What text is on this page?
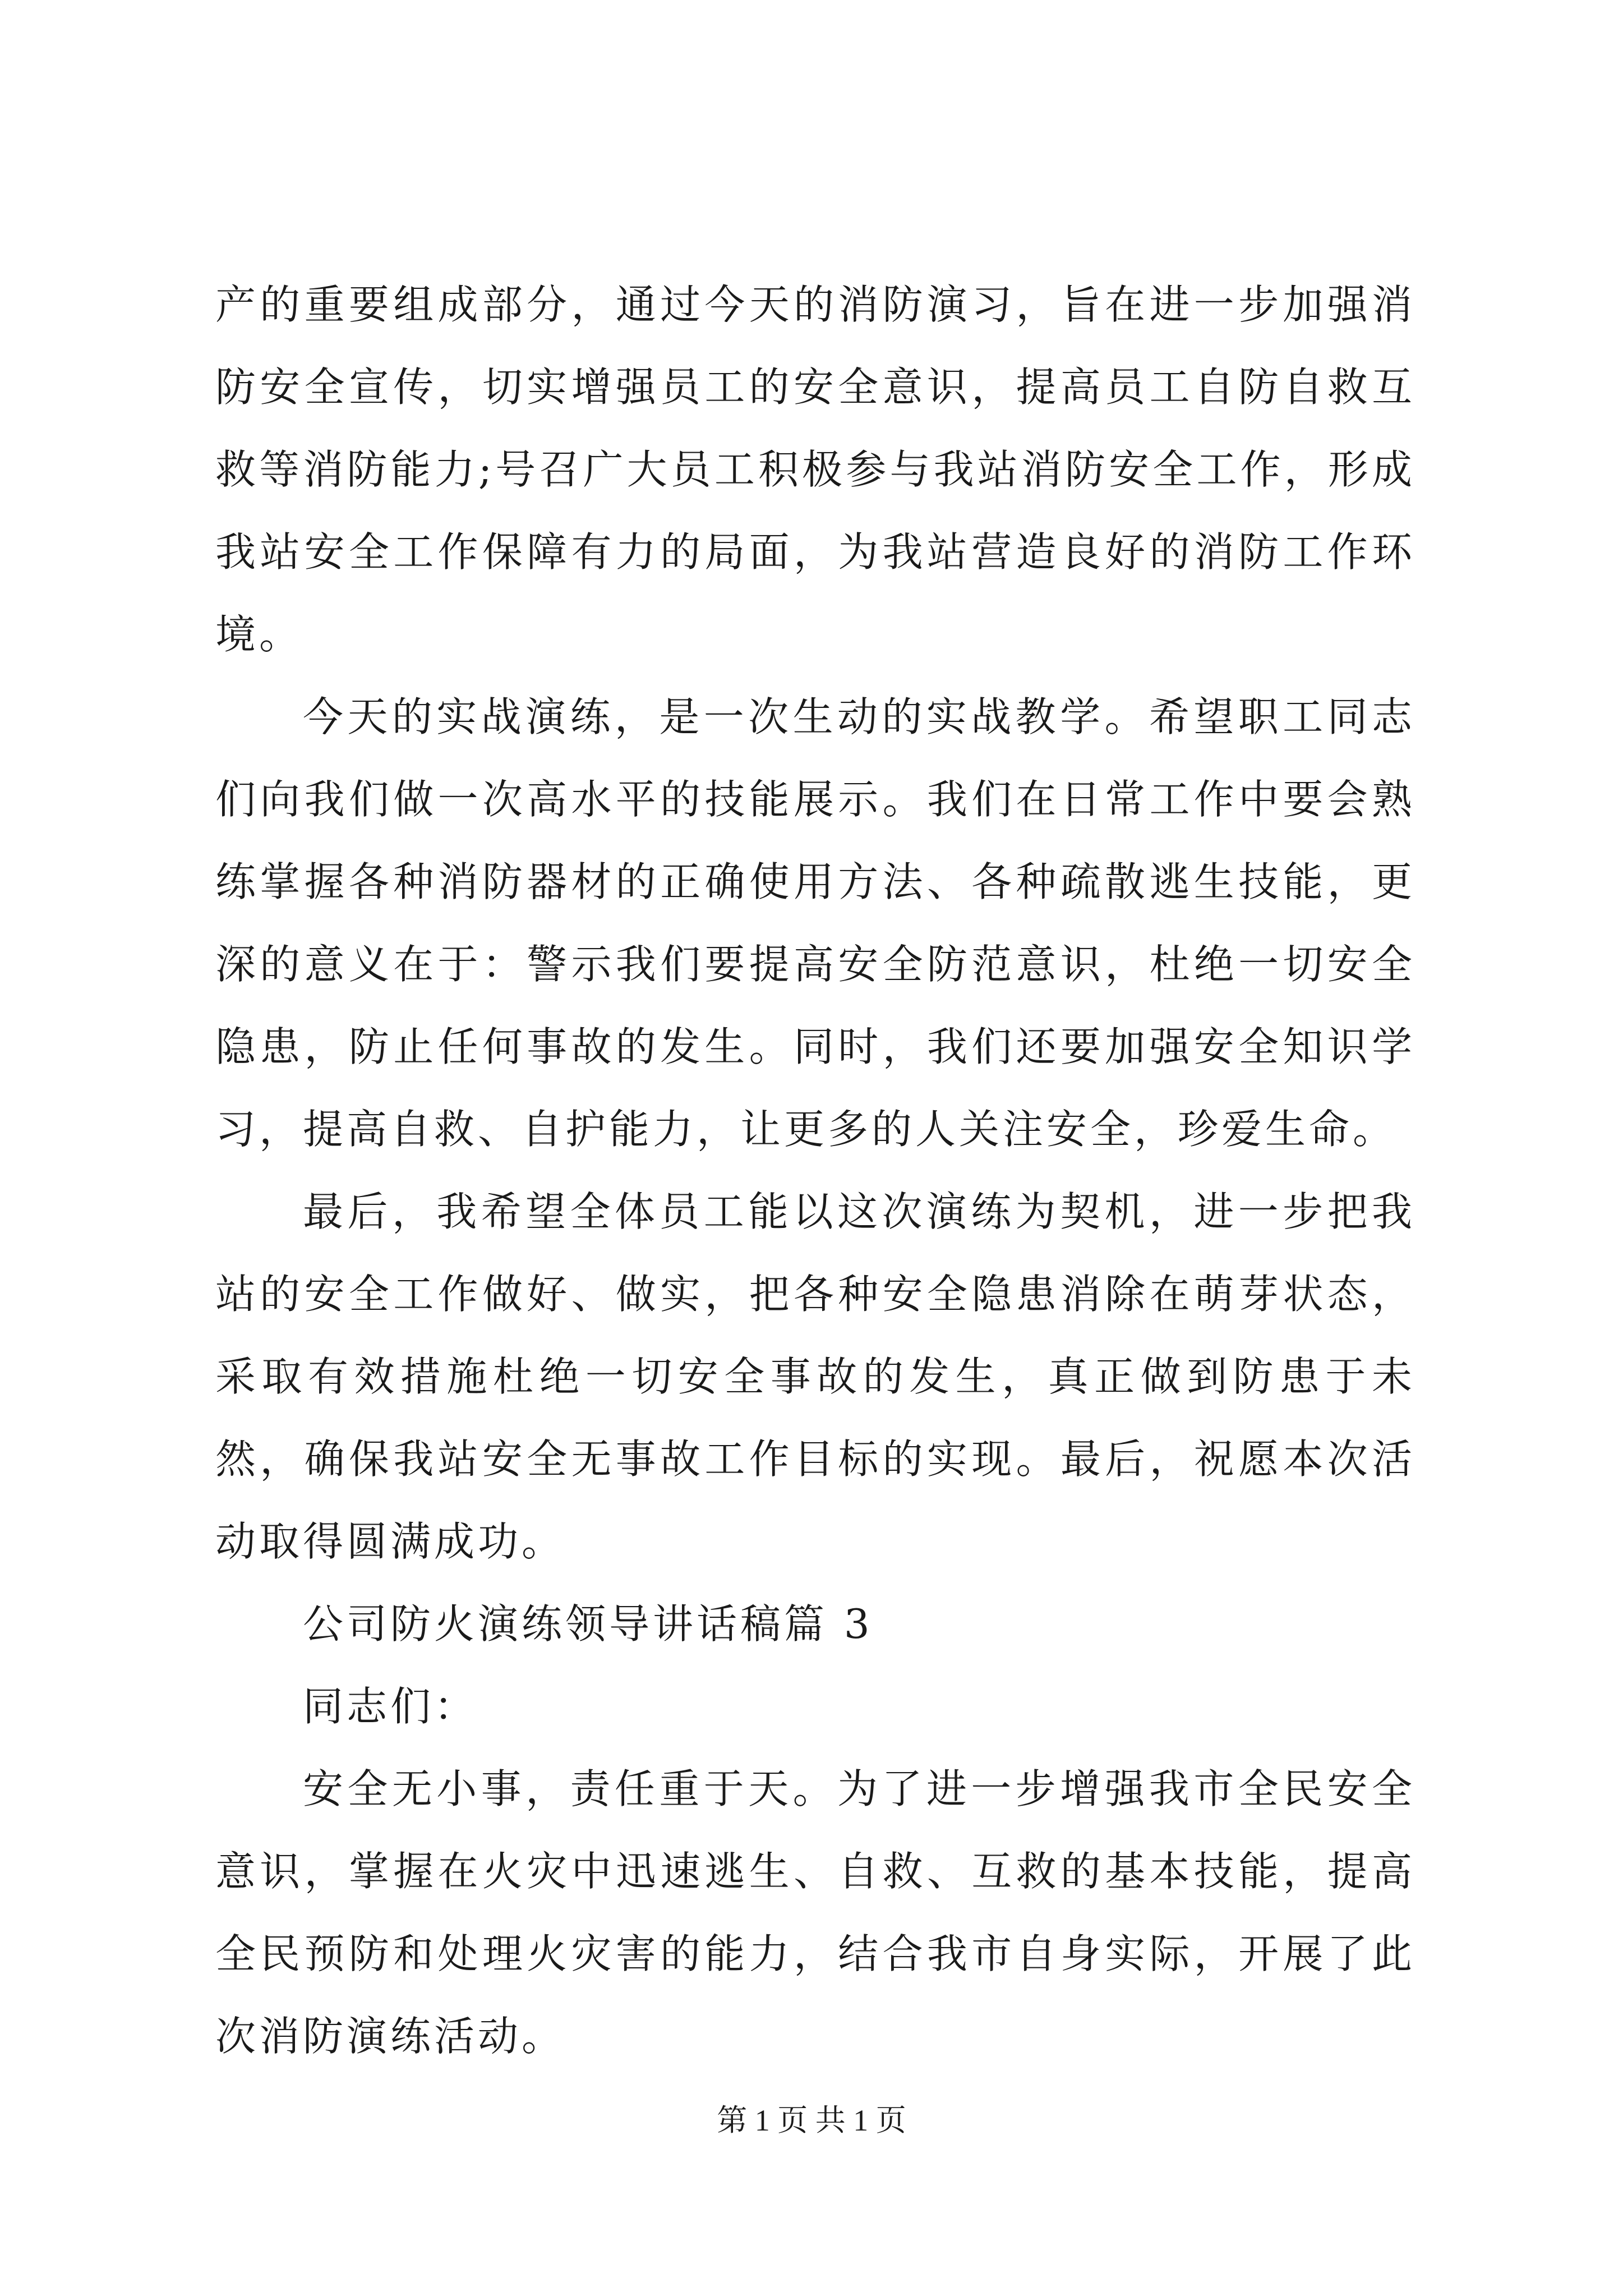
产的重要组成部分，通过今天的消防演习，旨在进一步加强消防安全宣传，切实增强员工的安全意识，提高员工自防自救互救等消防能力;号召广大员工积极参与我站消防安全工作，形成我站安全工作保障有力的局面，为我站营造良好的消防工作环境。

今天的实战演练，是一次生动的实战教学。希望职工同志们向我们做一次高水平的技能展示。我们在日常工作中要会熟练掌握各种消防器材的正确使用方法、各种疏散逃生技能，更深的意义在于：警示我们要提高安全防范意识，杜绝一切安全隐患，防止任何事故的发生。同时，我们还要加强安全知识学习，提高自救、自护能力，让更多的人关注安全，珍爱生命。

最后，我希望全体员工能以这次演练为契机，进一步把我站的安全工作做好、做实，把各种安全隐患消除在萌芽状态，采取有效措施杜绝一切安全事故的发生，真正做到防患于未然，确保我站安全无事故工作目标的实现。最后，祝愿本次活动取得圆满成功。

公司防火演练领导讲话稿篇 3

同志们：

安全无小事，责任重于天。为了进一步增强我市全民安全意识，掌握在火灾中迅速逃生、自救、互救的基本技能，提高全民预防和处理火灾害的能力，结合我市自身实际，开展了此次消防演练活动。

第 1 页 共 1 页
